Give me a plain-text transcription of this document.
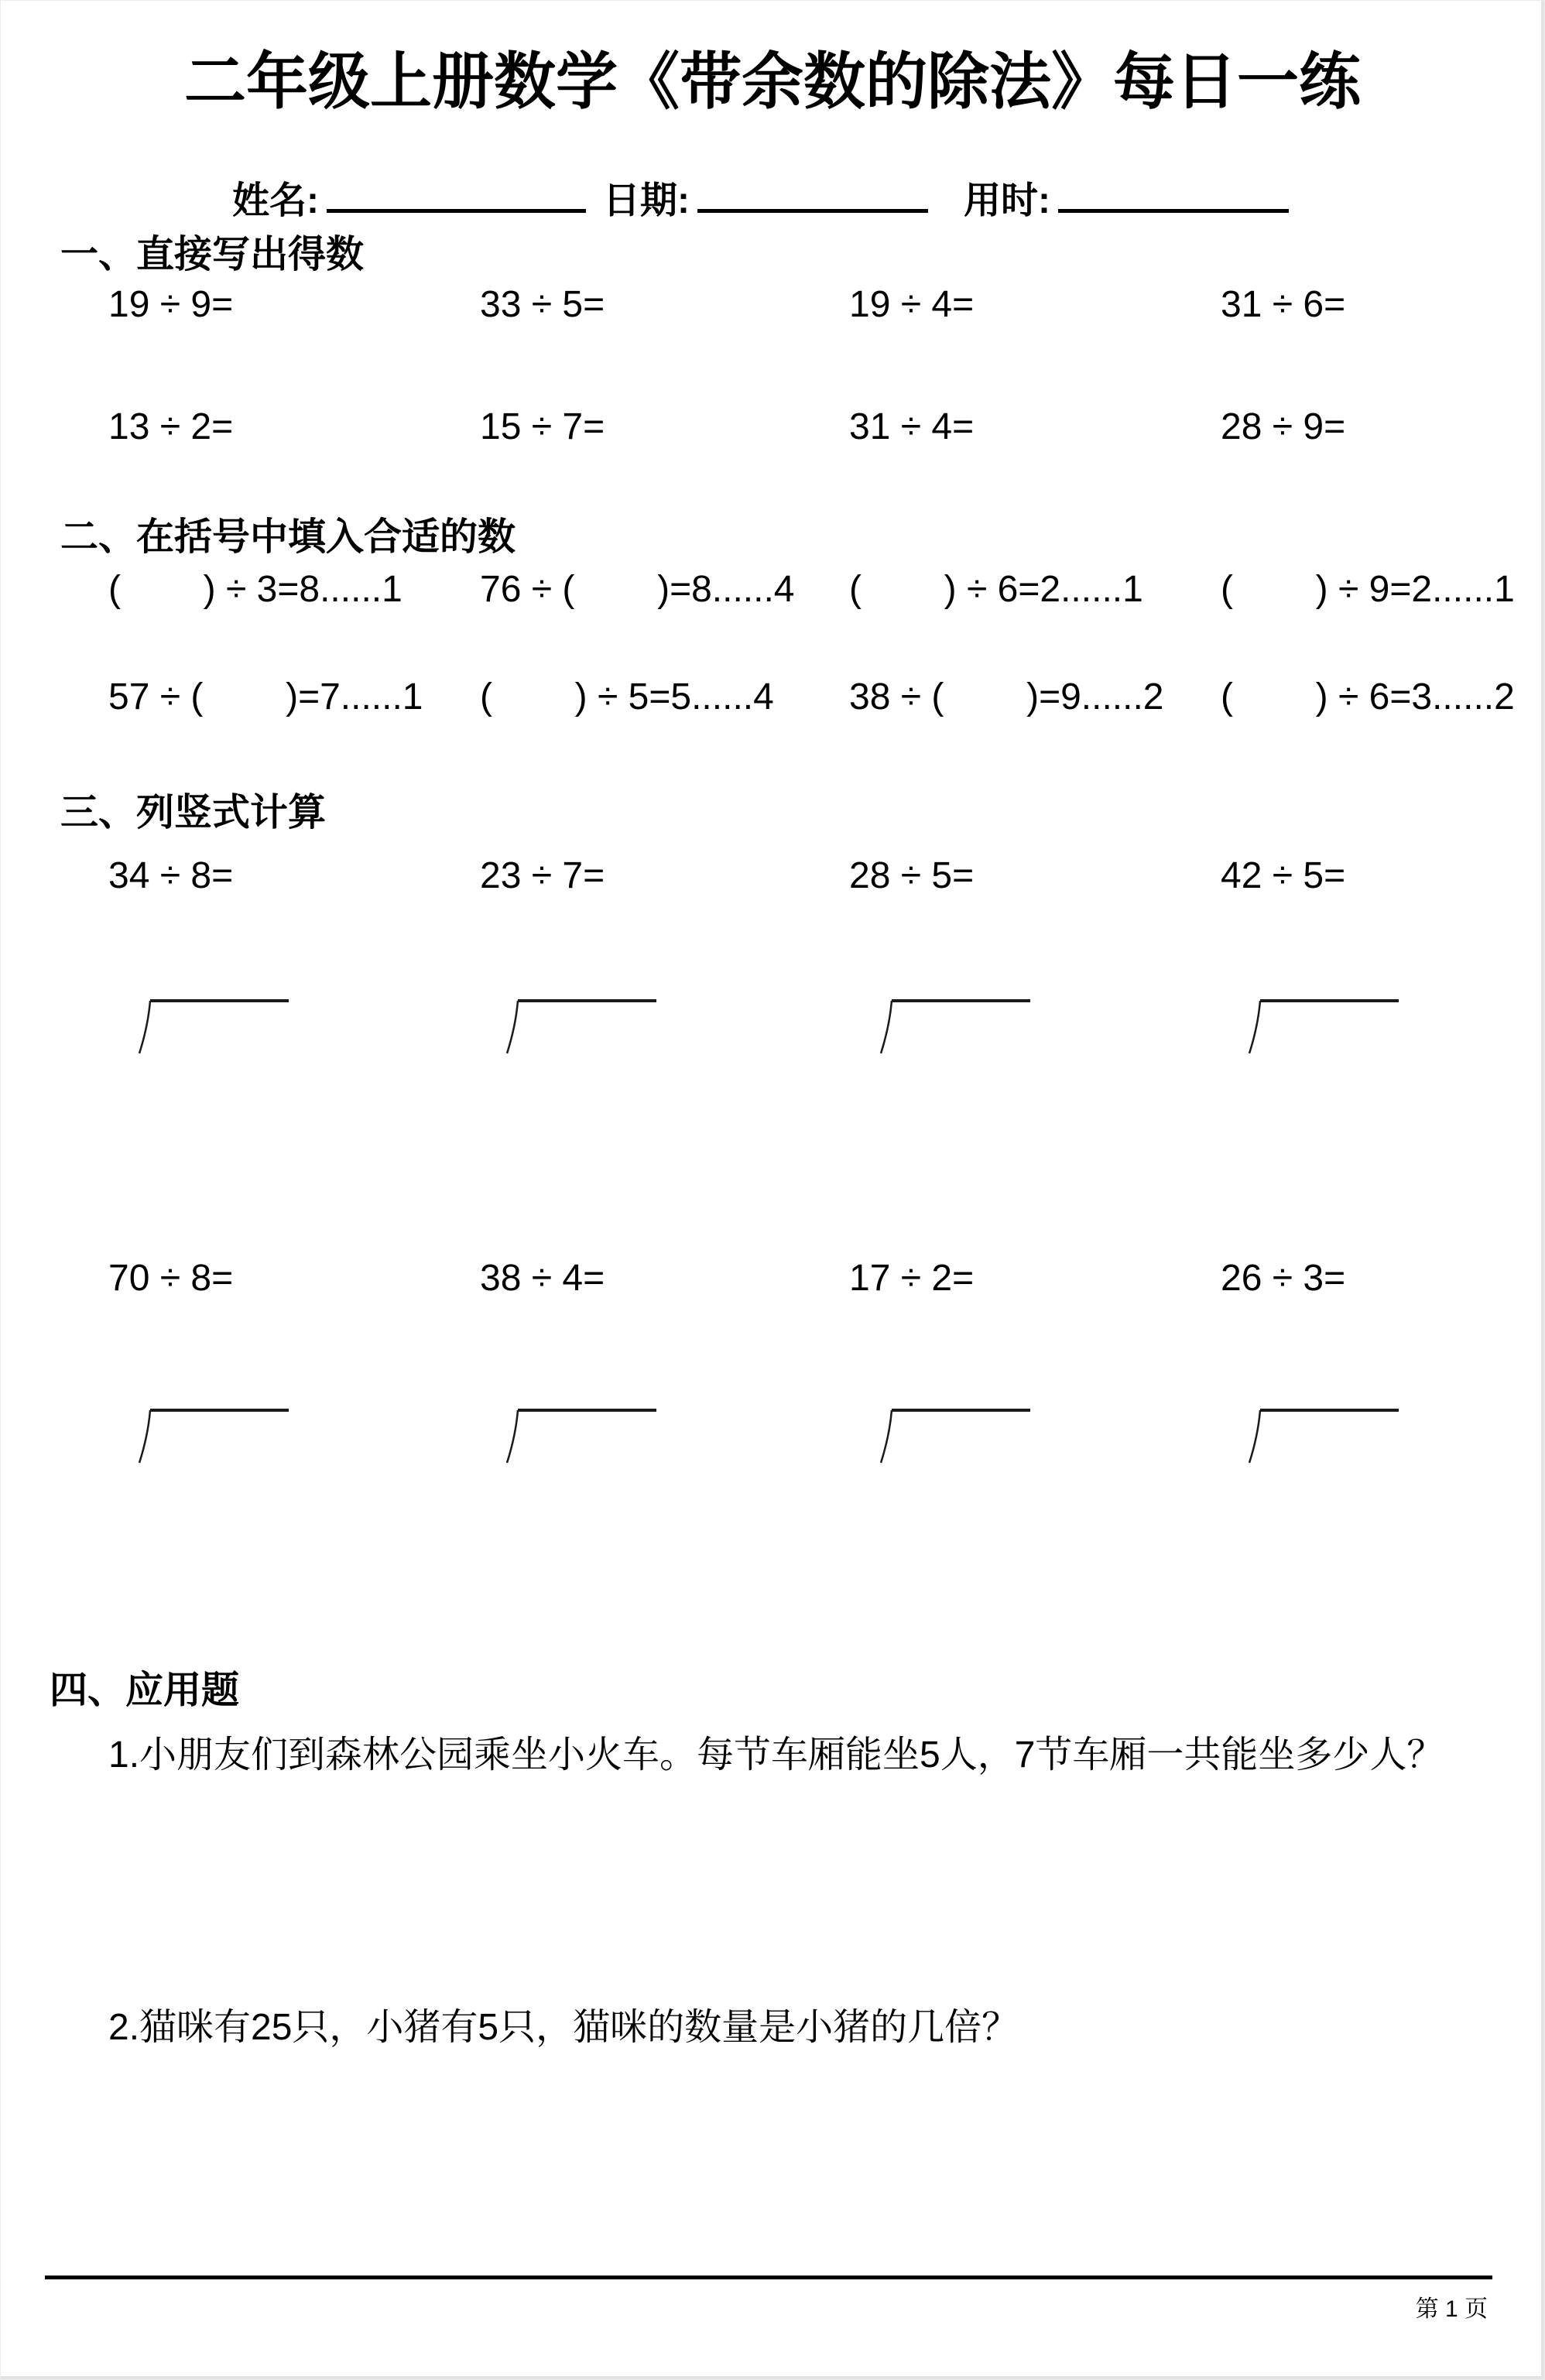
二年级上册数学《带余数的除法》每日一练
姓名:	日期:	用时:
一、直接写出得数
19 ÷ 9=	33 ÷ 5=	19 ÷ 4=	31 ÷ 6=
13 ÷ 2=	15 ÷ 7=	31 ÷ 4=	28 ÷ 9=
二、在括号中填入合适的数
(        ) ÷ 3=8......1 76 ÷ (        )=8......4 (        ) ÷ 6=2......1 (        ) ÷ 9=2......1
57 ÷ (        )=7......1 (        ) ÷ 5=5......4 38 ÷ (        )=9......2 (        ) ÷ 6=3......2
三、列竖式计算
34 ÷ 8=	23 ÷ 7=	28 ÷ 5=	42 ÷ 5=
70 ÷ 8=	38 ÷ 4=	17 ÷ 2=	26 ÷ 3=
四、应用题
1.小朋友们到森林公园乘坐小火车。每节车厢能坐5人，7节车厢一共能坐多少人？
2.猫咪有25只，小猪有5只，猫咪的数量是小猪的几倍？
第 1 页
